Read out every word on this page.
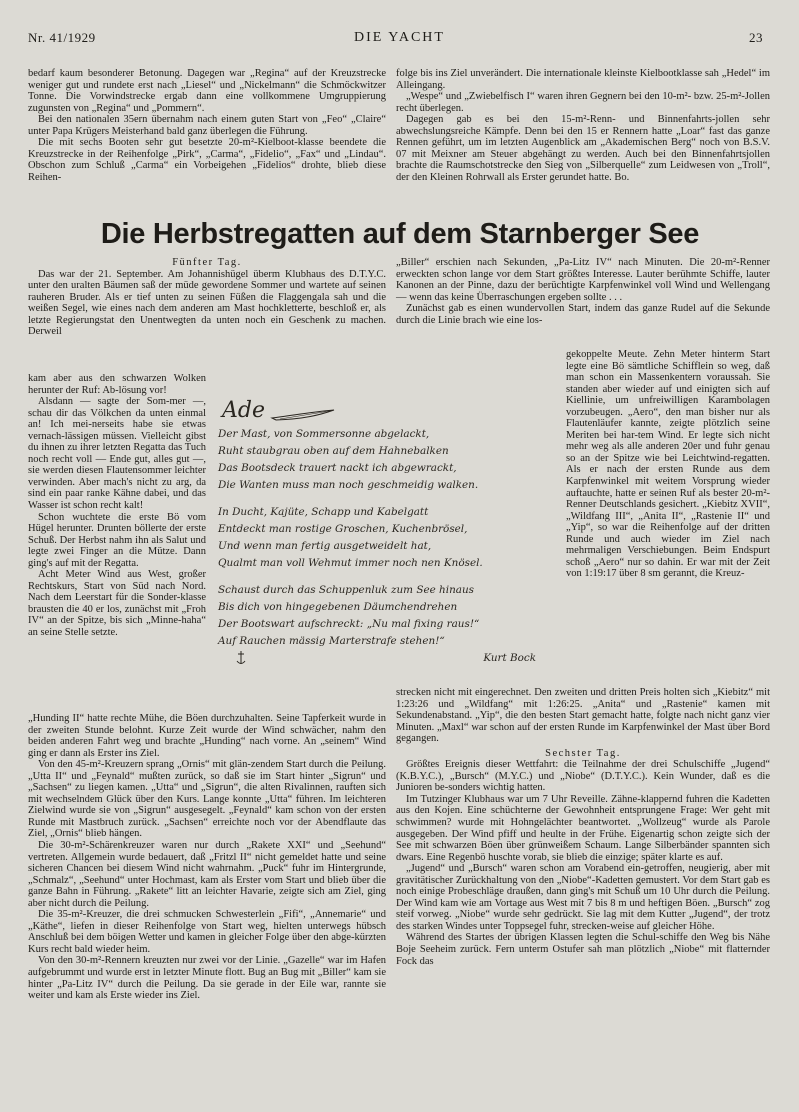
Nr. 41/1929	DIE YACHT	23

bedarf kaum besonderer Betonung. Dagegen war „Regina“ auf der Kreuzstrecke weniger gut und rundete erst nach „Liesel“ und „Nickelmann“ die Schmöckwitzer Tonne. Die Vorwindstrecke ergab dann eine vollkommene Umgruppierung zugunsten von „Regina“ und „Pommern“.

Bei den nationalen 35ern übernahm nach einem guten Start von „Feo“ „Claire“ unter Papa Krügers Meisterhand bald ganz überlegen die Führung.

Die mit sechs Booten sehr gut besetzte 20-m²-Kielboot-klasse beendete die Kreuzstrecke in der Reihenfolge „Pirk“, „Carma“, „Fidelio“, „Fax“ und „Lindau“. Obschon zum Schluß „Carma“ ein Vorbeigehen „Fidelios“ drohte, blieb diese Reihen-

folge bis ins Ziel unverändert. Die internationale kleinste Kielbootklasse sah „Hedel“ im Alleingang.

„Wespe“ und „Zwiebelfisch I“ waren ihren Gegnern bei den 10-m²- bzw. 25-m²-Jollen recht überlegen.

Dagegen gab es bei den 15-m²-Renn- und Binnenfahrts-jollen sehr abwechslungsreiche Kämpfe. Denn bei den 15 er Rennern hatte „Loar“ fast das ganze Rennen geführt, um im letzten Augenblick am „Akademischen Berg“ noch von B.S.V. 07 mit Meixner am Steuer abgehängt zu werden. Auch bei den Binnenfahrtsjollen brachte die Raumschotstrecke den Sieg von „Silberquelle“ zum Leidwesen von „Troll“, der den Kleinen Rohrwall als Erster gerundet hatte. Bo.

Die Herbstregatten auf dem Starnberger See

Fünfter Tag.

Das war der 21. September. Am Johannishügel überm Klubhaus des D.T.Y.C. unter den uralten Bäumen saß der müde gewordene Sommer und wartete auf seinen rauheren Bruder. Als er tief unten zu seinen Füßen die Flaggengala sah und die weißen Segel, wie eines nach dem anderen am Mast hochkletterte, beschloß er, als letzte Regierungstat den Unentwegten da unten noch ein Geschenk zu machen. Derweil

kam aber aus den schwarzen Wolken herunter der Ruf: Ab-lösung vor!

Alsdann — sagte der Som-mer —, schau dir das Völkchen da unten einmal an! Ich mei-nerseits habe sie etwas vernach-lässigen müssen. Vielleicht gibst du ihnen zu ihrer letzten Regatta das Tuch noch recht voll — Ende gut, alles gut —, sie werden diesen Flautensommer leichter verwinden. Aber mach's nicht zu arg, da sind ein paar ranke Kähne dabei, und das Wasser ist schon recht kalt!

Schon wuchtete die erste Bö vom Hügel herunter. Drunten böllerte der erste Schuß. Der Herbst nahm ihn als Salut und legte zwei Finger an die Mütze. Dann ging's auf mit der Regatta.

Acht Meter Wind aus West, großer Rechtskurs, Start von Süd nach Nord. Nach dem Leerstart für die Sonder-klasse brausten die 40 er los, zunächst mit „Froh IV“ an der Spitze, bis sich „Minne-haha“ an seine Stelle setzte.

„Hunding II“ hatte rechte Mühe, die Böen durchzuhalten. Seine Tapferkeit wurde in der zweiten Stunde belohnt. Kurze Zeit wurde der Wind schwächer, nahm den beiden anderen Fahrt weg und brachte „Hunding“ nach vorne. An „seinem“ Wind ging er dann als Erster ins Ziel.

Von den 45-m²-Kreuzern sprang „Ornis“ mit glän-zendem Start durch die Peilung. „Utta II“ und „Feynald“ mußten zurück, so daß sie im Start hinter „Sigrun“ und „Sachsen“ zu liegen kamen. „Utta“ und „Sigrun“, die alten Rivalinnen, rauften sich mit wechselndem Glück über den Kurs. Lange konnte „Utta“ führen. Im leichteren Zielwind wurde sie von „Sigrun“ ausgesegelt. „Feynald“ kam schon von der ersten Runde mit Mastbruch zurück. „Sachsen“ erreichte noch vor der Abendflaute das Ziel, „Ornis“ blieb hängen.

Die 30-m²-Schärenkreuzer waren nur durch „Rakete XXI“ und „Seehund“ vertreten. Allgemein wurde bedauert, daß „Fritzl II“ nicht gemeldet hatte und seine sicheren Chancen bei diesem Wind nicht wahrnahm. „Puck“ fuhr im Hintergrunde, „Schmalz“, „Seehund“ unter Hochmast, kam als Erster vom Start und blieb über die ganze Bahn in Führung. „Rakete“ litt an leichter Havarie, zeigte sich am Ziel, ging aber nicht durch die Peilung.

Die 35-m²-Kreuzer, die drei schmucken Schwesterlein „Fifi“, „Annemarie“ und „Käthe“, liefen in dieser Reihenfolge von Start weg, hielten unterwegs hübsch Anschluß bei dem böigen Wetter und kamen in gleicher Folge über den abge-kürzten Kurs recht bald wieder heim.

Von den 30-m²-Rennern kreuzten nur zwei vor der Linie. „Gazelle“ war im Hafen aufgebrummt und wurde erst in letzter Minute flott. Bug an Bug mit „Biller“ kam sie hinter „Pa-Litz IV“ durch die Peilung. Da sie gerade in der Eile war, rannte sie weiter und kam als Erste wieder ins Ziel.

„Biller“ erschien nach Sekunden, „Pa-Litz IV“ nach Minuten. Die 20-m²-Renner erweckten schon lange vor dem Start größtes Interesse. Lauter berühmte Schiffe, lauter Kanonen an der Pinne, dazu der berüchtigte Karpfenwinkel voll Wind und Wellengang — wenn das keine Überraschungen ergeben sollte . . .

Zunächst gab es einen wundervollen Start, indem das ganze Rudel auf die Sekunde durch die Linie brach wie eine los-

gekoppelte Meute. Zehn Meter hinterm Start legte eine Bö sämtliche Schifflein so weg, daß man schon ein Massenkentern voraussah. Sie standen aber wieder auf und einigten sich auf Kiellinie, um unfreiwilligen Karambolagen vorzubeugen. „Aero“, den man bisher nur als Flautenläufer kannte, zeigte plötzlich seine Meriten bei har-tem Wind. Er legte sich nicht mehr weg als alle anderen 20er und fuhr genau so an der Spitze wie bei Leichtwind-regatten. Als er nach der ersten Runde aus dem Karpfenwinkel mit weitem Vorsprung wieder auftauchte, hatte er seinen Ruf als bester 20-m²-Renner Deutschlands gesichert. „Kiebitz XVII“, „Wildfang III“, „Anita II“, „Rastenie II“ und „Yip“, so war die Reihenfolge auf der dritten Runde und auch wieder im Ziel nach mehrmaligen Verschiebungen. Beim Endspurt schoß „Aero“ nur so dahin. Er war mit der Zeit von 1:19:17 über 8 sm gerannt, die Kreuz-

strecken nicht mit eingerechnet. Den zweiten und dritten Preis holten sich „Kiebitz“ mit 1:23:26 und „Wildfang“ mit 1:26:25. „Anita“ und „Rastenie“ kamen mit Sekundenabstand. „Yip“, die den besten Start gemacht hatte, folgte nach nicht ganz vier Minuten. „Maxl“ war schon auf der ersten Runde im Karpfenwinkel der Mast über Bord gegangen.

Sechster Tag.

Größtes Ereignis dieser Wettfahrt: die Teilnahme der drei Schulschiffe „Jugend“ (K.B.Y.C.), „Bursch“ (M.Y.C.) und „Niobe“ (D.T.Y.C.). Kein Wunder, daß es die Junioren be-sonders wichtig hatten.

Im Tutzinger Klubhaus war um 7 Uhr Reveille. Zähne-klappernd fuhren die Kadetten aus den Kojen. Eine schüchterne der Gewohnheit entsprungene Frage: Wer geht mit schwimmen? wurde mit Hohngelächter beantwortet. „Wollzeug“ wurde als Parole ausgegeben. Der Wind pfiff und heulte in der Frühe. Eigenartig schon zeigte sich der See mit schwarzen Böen über grünweißem Schaum. Lange Silberbänder spannten sich dwars. Eine Regenbö huschte vorab, sie blieb die einzige; später klarte es auf.

„Jugend“ und „Bursch“ waren schon am Vorabend ein-getroffen, neugierig, aber mit gravitätischer Zurückhaltung von den „Niobe“-Kadetten gemustert. Vor dem Start gab es noch einige Probeschläge draußen, dann ging's mit Schuß um 10 Uhr durch die Peilung. Der Wind kam wie am Vortage aus West mit 7 bis 8 m und heftigen Böen. „Bursch“ zog steif vorweg. „Niobe“ wurde sehr gedrückt. Sie lag mit dem Kutter „Jugend“, der trotz des starken Windes unter Toppsegel fuhr, strecken-weise auf gleicher Höhe.

Während des Startes der übrigen Klassen legten die Schul-schiffe den Weg bis Nähe Boje Seeheim zurück. Fern unterm Ostufer sah man plötzlich „Niobe“ mit flatternder Fock das

Ade
Der Mast, von Sommersonne abgelackt,
Ruht staubgrau oben auf dem Hahnebalken
Das Bootsdeck trauert nackt ich abgewrackt,
Die Wanten muss man noch geschmeidig walken.
In Ducht, Kajüte, Schapp und Kabelgatt
Entdeckt man rostige Groschen, Kuchenbrösel,
Und wenn man fertig ausgetweidelt hat,
Qualmt man voll Wehmut immer noch nen Knösel.
Schaust durch das Schuppenluk zum See hinaus
Bis dich von hingegebenen Däumchendrehen
Der Bootswart aufschreckt: „Nu mal fixing raus!“
Auf Rauchen mässig Marterstrafe stehen!“
Kurt Bock
